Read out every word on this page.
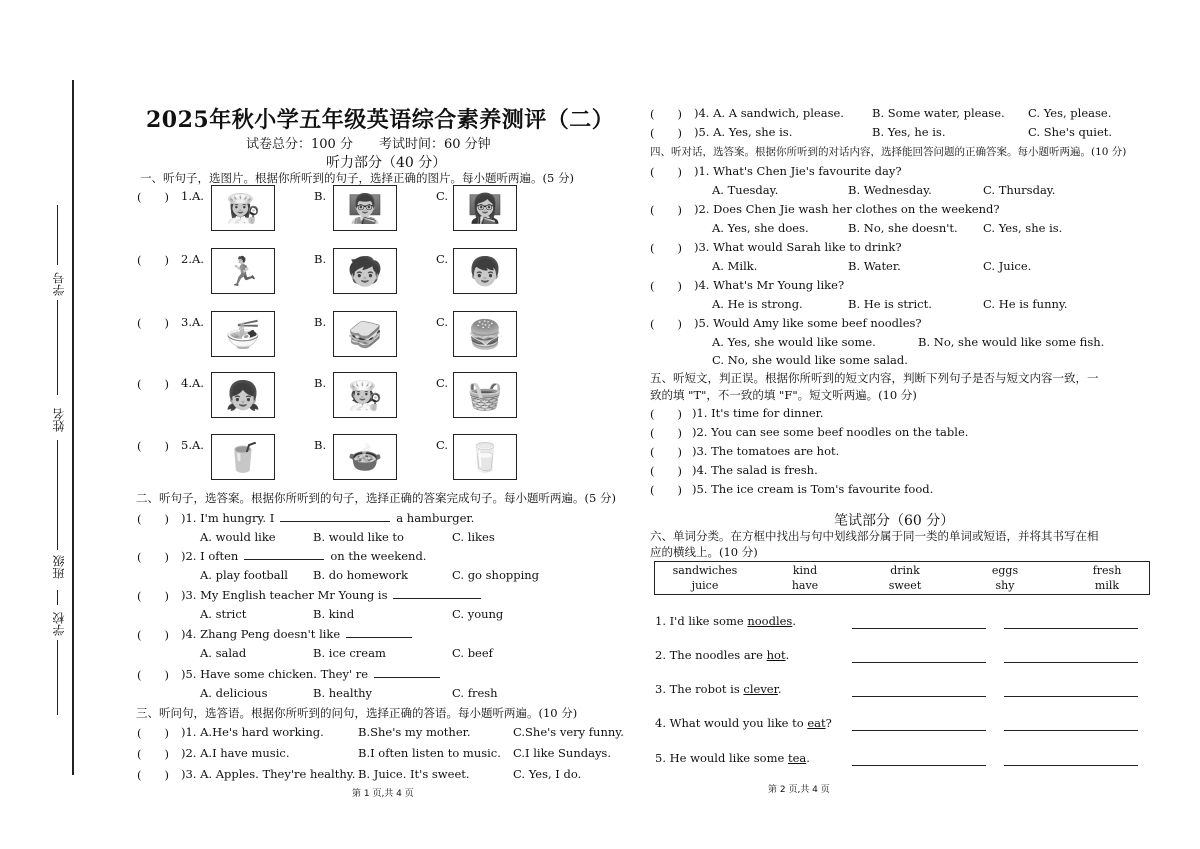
学号
姓名
班级
学校
2025年秋小学五年级英语综合素养测评（二）
试卷总分：100 分　　考试时间：60 分钟
听力部分（40 分）
一、听句子，选图片。根据你所听到的句子，选择正确的图片。每小题听两遍。(5 分)
(　　) 1.A.	B.	C.
👩‍🍳	👨‍🏫	👩‍🏫
(　　) 2.A.	B.	C.
🏃	🧒	👦
(　　) 3.A.	B.	C.
🍜	🥪	🍔
(　　) 4.A.	B.	C.
👧	🧑‍🍳	🧺
(　　) 5.A.	B.	C.
🥤	🍲	🥛
二、听句子，选答案。根据你所听到的句子，选择正确的答案完成句子。每小题听两遍。(5 分)
(　　) )1. I'm hungry. I	a hamburger.
A. would like	B. would like to	C. likes
(　　) )2. I often	on the weekend.
A. play football B. do homework	C. go shopping
(　　) )3. My English teacher Mr Young is
A. strict	B. kind	C. young
(　　) )4. Zhang Peng doesn't like
A. salad	B. ice cream	C. beef
(　　) )5. Have some chicken. They' re
A. delicious	B. healthy	C. fresh
三、听问句，选答语。根据你所听到的问句，选择正确的答语。每小题听两遍。(10 分)
(　　) )1. A.He's hard working.	B.She's my mother.	C.She's very funny.
(　　) )2. A.I have music.	B.I often listen to music. C.I like Sundays.
(　　) )3. A. Apples. They're healthy. B. Juice. It's sweet.	C. Yes, I do.
(　　) )4. A. A sandwich, please. B. Some water, please. C. Yes, please.
(　　) )5. A. Yes, she is.	B. Yes, he is.	C. She's quiet.
第 1 页,共 4 页
四、听对话，选答案。根据你所听到的对话内容，选择能回答问题的正确答案。每小题听两遍。(10 分)
(　　) )1. What's Chen Jie's favourite day?
A. Tuesday.	B. Wednesday.	C. Thursday.
(　　) )2. Does Chen Jie wash her clothes on the weekend?
A. Yes, she does.	B. No, she doesn't. C. Yes, she is.
(　　) )3. What would Sarah like to drink?
A. Milk.	B. Water.	C. Juice.
(　　) )4. What's Mr Young like?
A. He is strong.	B. He is strict.	C. He is funny.
(　　) )5. Would Amy like some beef noodles?
A. Yes, she would like some.	B. No, she would like some fish.
C. No, she would like some salad.
五、听短文，判正误。根据你所听到的短文内容，判断下列句子是否与短文内容一致，一
致的填 "T"，不一致的填 "F"。短文听两遍。(10 分)
(　　) )1. It's time for dinner.
(　　) )2. You can see some beef noodles on the table.
(　　) )3. The tomatoes are hot.
(　　) )4. The salad is fresh.
(　　) )5. The ice cream is Tom's favourite food.
笔试部分（60 分）
六、单词分类。在方框中找出与句中划线部分属于同一类的单词或短语，并将其书写在相
应的横线上。(10 分)
sandwiches	kind	drink	eggs	fresh
juice	have	sweet	shy	milk
1. I'd like some noodles.
2. The noodles are hot.
3. The robot is clever.
4. What would you like to eat?
5. He would like some tea.
第 2 页,共 4 页
